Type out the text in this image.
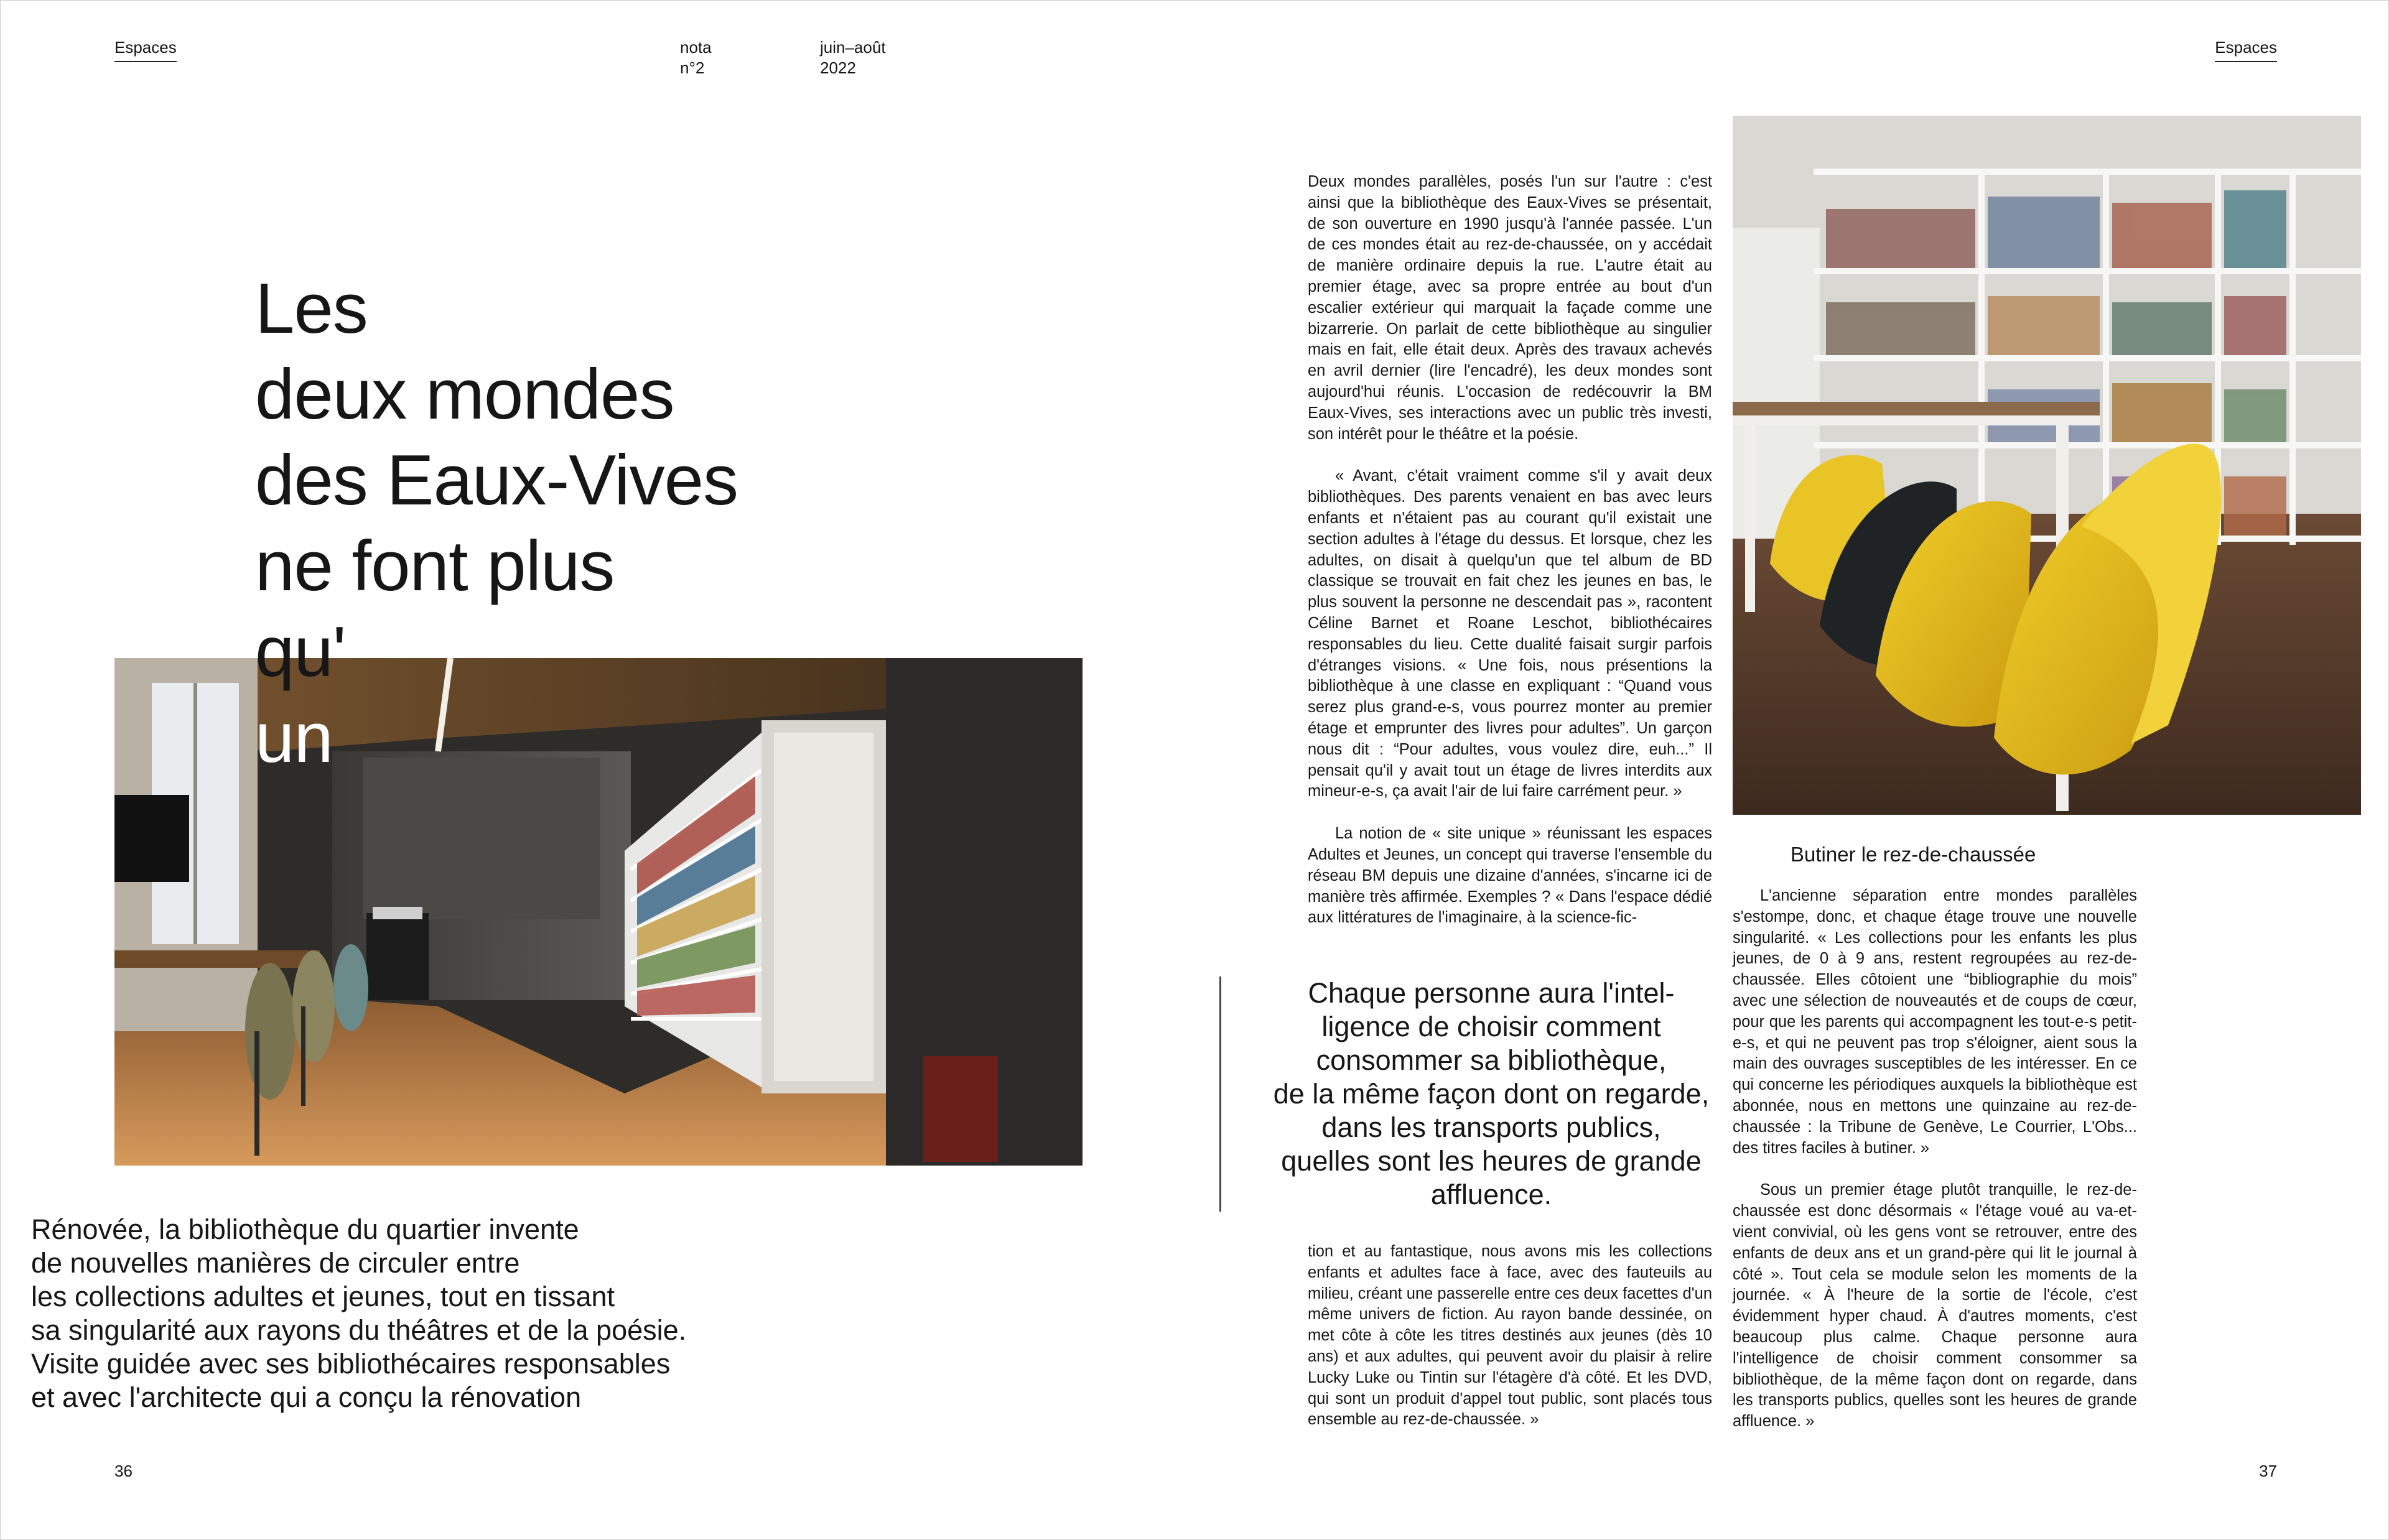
Espaces	nota
n°2
juin–août
2022
Espaces
Les
deux mondes
des Eaux-Vives
ne font plus
qu'
un
Rénovée, la bibliothèque du quartier invente
de nouvelles manières de circuler entre
les collections adultes et jeunes, tout en tissant
sa singularité aux rayons du théâtres et de la poésie.
Visite guidée avec ses bibliothécaires responsables
et avec l'architecte qui a conçu la rénovation
36	37

Deux mondes parallèles, posés l'un sur l'autre : c'est ainsi que la bibliothèque des Eaux-Vives se présentait, de son ouverture en 1990 jusqu'à l'année passée. L'un de ces mondes était au rez-de-chaussée, on y accédait de manière ordinaire depuis la rue. L'autre était au premier étage, avec sa propre entrée au bout d'un escalier extérieur qui marquait la façade comme une bizarrerie. On parlait de cette bibliothèque au singulier mais en fait, elle était deux. Après des travaux achevés en avril dernier (lire l'encadré), les deux mondes sont aujourd'hui réunis. L'occasion de redécouvrir la BM Eaux-Vives, ses interactions avec un public très investi, son intérêt pour le théâtre et la poésie.

« Avant, c'était vraiment comme s'il y avait deux bibliothèques. Des parents venaient en bas avec leurs enfants et n'étaient pas au courant qu'il existait une section adultes à l'étage du dessus. Et lorsque, chez les adultes, on disait à quelqu'un que tel album de BD classique se trouvait en fait chez les jeunes en bas, le plus souvent la personne ne descendait pas », racontent Céline Barnet et Roane Leschot, bibliothécaires responsables du lieu. Cette dualité faisait surgir parfois d'étranges visions. « Une fois, nous présentions la bibliothèque à une classe en expliquant : “Quand vous serez plus grand-e-s, vous pourrez monter au premier étage et emprunter des livres pour adultes”. Un garçon nous dit : “Pour adultes, vous voulez dire, euh...” Il pensait qu'il y avait tout un étage de livres interdits aux mineur-e-s, ça avait l'air de lui faire carrément peur. »

La notion de « site unique » réunissant les espaces Adultes et Jeunes, un concept qui traverse l'ensemble du réseau BM depuis une dizaine d'années, s'incarne ici de manière très affirmée. Exemples ? « Dans l'espace dédié aux littératures de l'imaginaire, à la science-fic-

Chaque personne aura l'intel-
ligence de choisir comment
consommer sa bibliothèque,
de la même façon dont on regarde,
dans les transports publics,
quelles sont les heures de grande
affluence.

tion et au fantastique, nous avons mis les collections enfants et adultes face à face, avec des fauteuils au milieu, créant une passerelle entre ces deux facettes d'un même univers de fiction. Au rayon bande dessinée, on met côte à côte les titres destinés aux jeunes (dès 10 ans) et aux adultes, qui peuvent avoir du plaisir à relire Lucky Luke ou Tintin sur l'étagère d'à côté. Et les DVD, qui sont un produit d'appel tout public, sont placés tous ensemble au rez-de-chaussée. »

Butiner le rez-de-chaussée

L'ancienne séparation entre mondes parallèles s'estompe, donc, et chaque étage trouve une nouvelle singularité. « Les collections pour les enfants les plus jeunes, de 0 à 9 ans, restent regroupées au rez-de-chaussée. Elles côtoient une “bibliographie du mois” avec une sélection de nouveautés et de coups de cœur, pour que les parents qui accompagnent les tout-e-s petit-e-s, et qui ne peuvent pas trop s'éloigner, aient sous la main des ouvrages susceptibles de les intéresser. En ce qui concerne les périodiques auxquels la bibliothèque est abonnée, nous en mettons une quinzaine au rez-de-chaussée : la Tribune de Genève, Le Courrier, L'Obs... des titres faciles à butiner. »

Sous un premier étage plutôt tranquille, le rez-de-chaussée est donc désormais « l'étage voué au va-et-vient convivial, où les gens vont se retrouver, entre des enfants de deux ans et un grand-père qui lit le journal à côté ». Tout cela se module selon les moments de la journée. « À l'heure de la sortie de l'école, c'est évidemment hyper chaud. À d'autres moments, c'est beaucoup plus calme. Chaque personne aura l'intelligence de choisir comment consommer sa bibliothèque, de la même façon dont on regarde, dans les transports publics, quelles sont les heures de grande affluence. »
